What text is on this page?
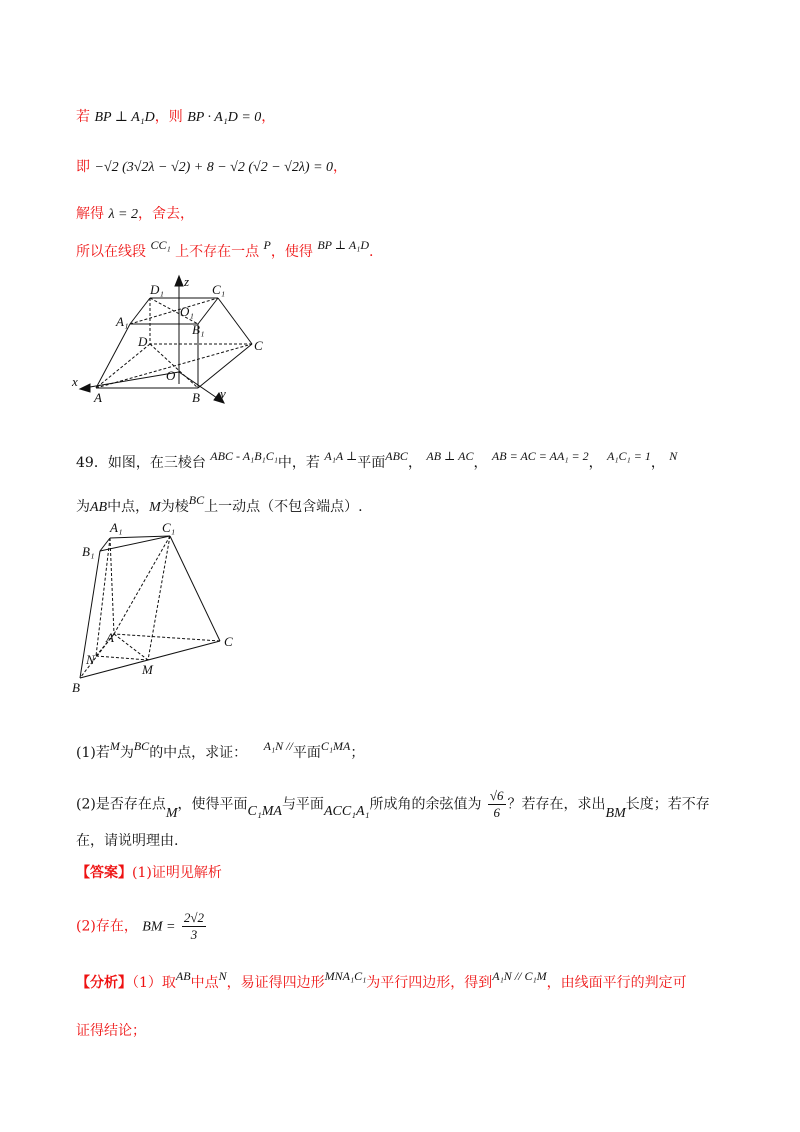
若 BP ⊥ A₁D，则 BP · A₁D = 0，
即 −√2 (3√2λ − √2) + 8 − √2 (√2 − √2λ) = 0，
解得 λ = 2，舍去，
所以在线段 CC₁ 上不存在一点 P，使得 BP ⊥ A₁D.
z
D₁	C₁
O₁
A₁
B₁
D	C
O
x
A	B y
49．如图，在三棱台 ABC - A₁B₁C₁中，若 A₁A ⊥平面ABC， AB ⊥ AC， AB = AC = AA₁ = 2， A₁C₁ = 1， N
为AB中点，M为棱BC上一动点（不包含端点）.
A₁	C₁
B₁
A	C
N
M
B
(1)若M为BC的中点，求证： A₁N //平面C₁MA；
(2)是否存在点M，使得平面C₁MA与平面ACC₁A₁所成角的余弦值为 $\frac{√6}{6}$ ？若存在，求出BM长度；若不存
在，请说明理由.
【答案】(1)证明见解析
(2)存在， BM = $\frac{2√2}{3}$
【分析】（1）取AB中点N，易证得四边形MNA₁C₁为平行四边形，得到A₁N // C₁M，由线面平行的判定可
证得结论；
